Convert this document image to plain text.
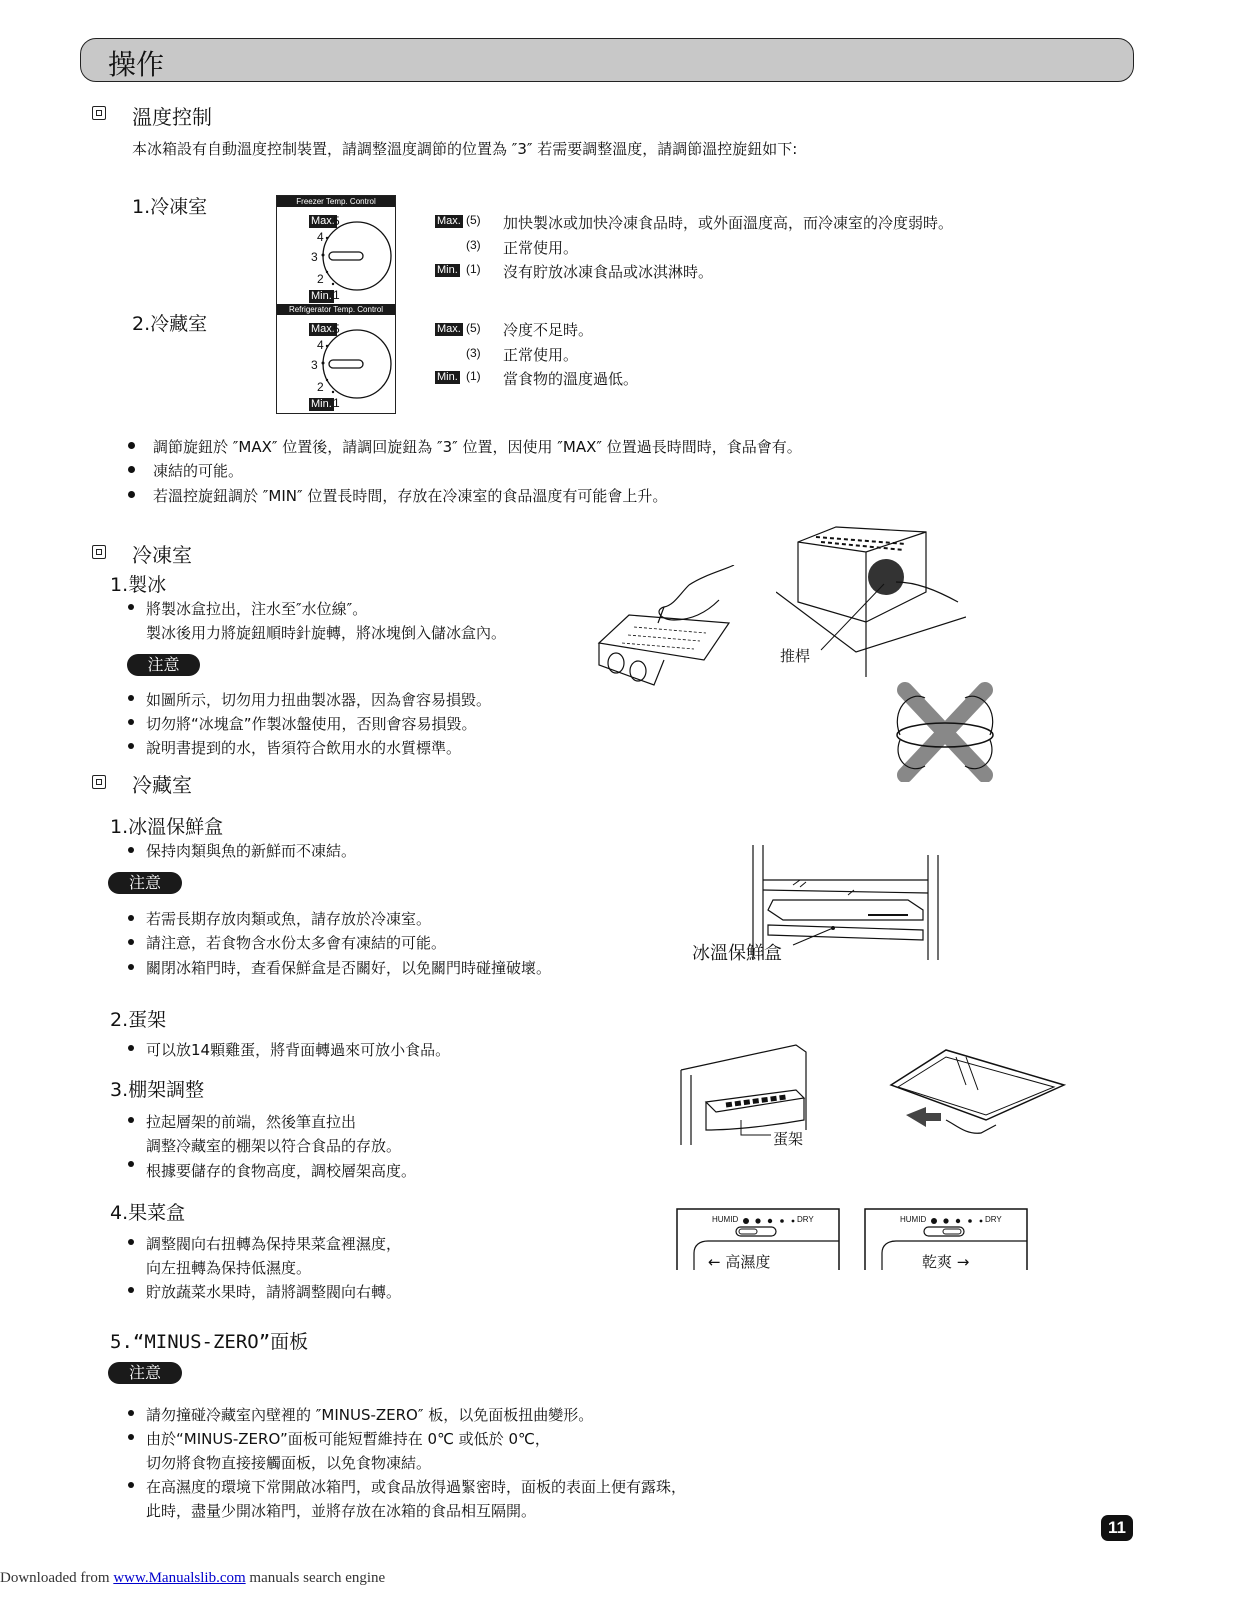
操作
溫度控制
本冰箱設有自動溫度控制裝置，請調整溫度調節的位置為 ″3″ 若需要調整溫度，請調節溫控旋鈕如下:
1.冷凍室
2.冷藏室
Freezer Temp. Control
Refrigerator Temp. Control
Max.
5
4
3
2
Min. 1
Max.
5
4
3
2
Min. 1
Max. (5) 加快製冰或加快冷凍食品時，或外面溫度高，而冷凍室的冷度弱時。
(3) 正常使用。
Min. (1) 沒有貯放冰凍食品或冰淇淋時。
Max. (5) 冷度不足時。
(3) 正常使用。
Min. (1) 當食物的溫度過低。
調節旋鈕於 ″MAX″ 位置後，請調回旋鈕為 ″3″ 位置，因使用 ″MAX″ 位置過長時間時，食品會有。
凍結的可能。
若溫控旋鈕調於 ″MIN″ 位置長時間，存放在冷凍室的食品溫度有可能會上升。
冷凍室
1.製冰
將製冰盒拉出，注水至″水位線″。
製冰後用力將旋鈕順時針旋轉，將冰塊倒入儲冰盒內。
注意
如圖所示，切勿用力扭曲製冰器，因為會容易損毀。
切勿將“冰塊盒”作製冰盤使用，否則會容易損毀。
說明書提到的水，皆須符合飲用水的水質標準。
推桿
冷藏室
1.冰溫保鮮盒
保持肉類與魚的新鮮而不凍結。
注意
若需長期存放肉類或魚，請存放於冷凍室。
請注意，若食物含水份太多會有凍結的可能。
關閉冰箱門時，查看保鮮盒是否關好，以免關門時碰撞破壞。
冰溫保鮮盒
2.蛋架
可以放14顆雞蛋，將背面轉過來可放小食品。
3.棚架調整
拉起層架的前端，然後筆直拉出
調整冷藏室的棚架以符合食品的存放。
根據要儲存的食物高度，調校層架高度。
蛋架
4.果菜盒
調整閥向右扭轉為保持果菜盒裡濕度，
向左扭轉為保持低濕度。
貯放蔬菜水果時，請將調整閥向右轉。
HUMID	DRY
← 高濕度
HUMID	DRY
乾爽 →
5.“MINUS-ZERO”面板
注意
請勿撞碰冷藏室內壁裡的 ″MINUS-ZERO″ 板，以免面板扭曲變形。
由於“MINUS-ZERO”面板可能短暫維持在 0℃ 或低於 0℃，
切勿將食物直接接觸面板，以免食物凍結。
在高濕度的環境下常開啟冰箱門，或食品放得過緊密時，面板的表面上便有露珠，
此時，盡量少開冰箱門，並將存放在冰箱的食品相互隔開。
11
Downloaded from www.Manualslib.com manuals search engine
